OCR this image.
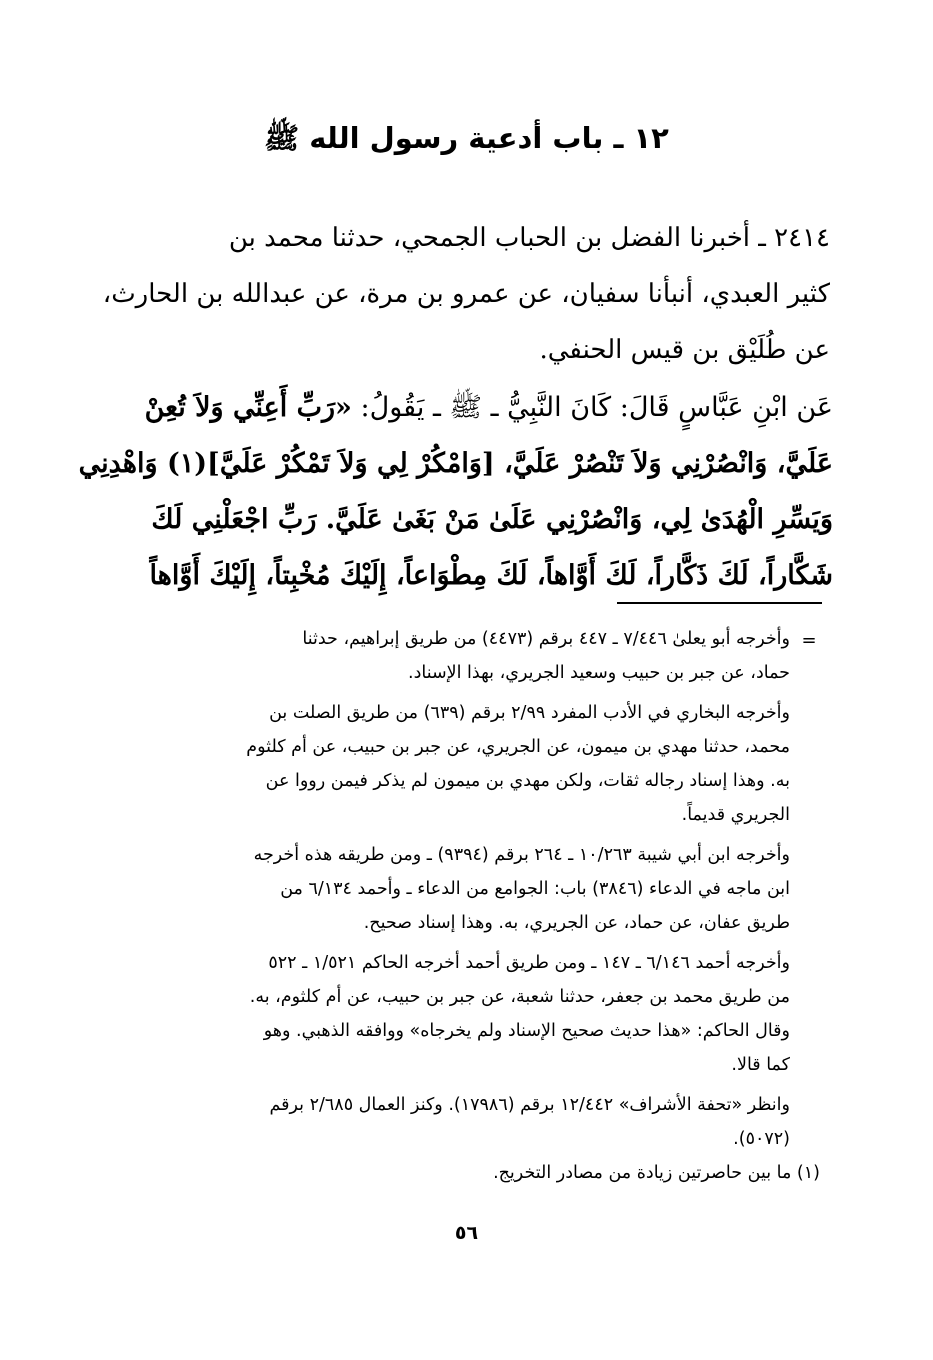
١٢ ـ باب أدعية رسول الله ﷺ
٢٤١٤ ـ أخبرنا الفضل بن الحباب الجمحي، حدثنا محمد بن
كثير العبدي، أنبأنا سفيان، عن عمرو بن مرة، عن عبدالله بن الحارث،
عن طُلَيْق بن قيس الحنفي.
عَن ابْنِ عَبَّاسٍ قَالَ: كَانَ النَّبِيُّ ـ ﷺ ـ يَقُولُ: «رَبِّ أَعِنِّي وَلاَ تُعِنْ
عَلَيَّ، وَانْصُرْنِي وَلاَ تَنْصُرْ عَلَيَّ، [وَامْكُرْ لِي وَلاَ تَمْكُرْ عَلَيَّ](١) وَاهْدِنِي
وَيَسِّرِ الْهُدَىٰ لِي، وَانْصُرْنِي عَلَىٰ مَنْ بَغَىٰ عَلَيَّ. رَبِّ اجْعَلْنِي لَكَ
شَكَّاراً، لَكَ ذَكَّاراً، لَكَ أَوَّاهاً، لَكَ مِطْوَاعاً، إِلَيْكَ مُخْبِتاً، إِلَيْكَ أَوَّاهاً
=
وأخرجه أبو يعلىٰ ٧/٤٤٦ ـ ٤٤٧ برقم (٤٤٧٣) من طريق إبراهيم، حدثنا
حماد، عن جبر بن حبيب وسعيد الجريري، بهذا الإسناد.
وأخرجه البخاري في الأدب المفرد ٢/٩٩ برقم (٦٣٩) من طريق الصلت بن
محمد، حدثنا مهدي بن ميمون، عن الجريري، عن جبر بن حبيب، عن أم كلثوم
به. وهذا إسناد رجاله ثقات، ولكن مهدي بن ميمون لم يذكر فيمن رووا عن
الجريري قديماً.
وأخرجه ابن أبي شيبة ١٠/٢٦٣ ـ ٢٦٤ برقم (٩٣٩٤) ـ ومن طريقه هذه أخرجه
ابن ماجه في الدعاء (٣٨٤٦) باب: الجوامع من الدعاء ـ وأحمد ٦/١٣٤ من
طريق عفان، عن حماد، عن الجريري، به. وهذا إسناد صحيح.
وأخرجه أحمد ٦/١٤٦ ـ ١٤٧ ـ ومن طريق أحمد أخرجه الحاكم ١/٥٢١ ـ ٥٢٢
من طريق محمد بن جعفر، حدثنا شعبة، عن جبر بن حبيب، عن أم كلثوم، به.
وقال الحاكم: «هذا حديث صحيح الإسناد ولم يخرجاه» ووافقه الذهبي. وهو
كما قالا.
وانظر «تحفة الأشراف» ١٢/٤٤٢ برقم (١٧٩٨٦). وكنز العمال ٢/٦٨٥ برقم
(٥٠٧٢).
(١) ما بين حاصرتين زيادة من مصادر التخريج.
٥٦
